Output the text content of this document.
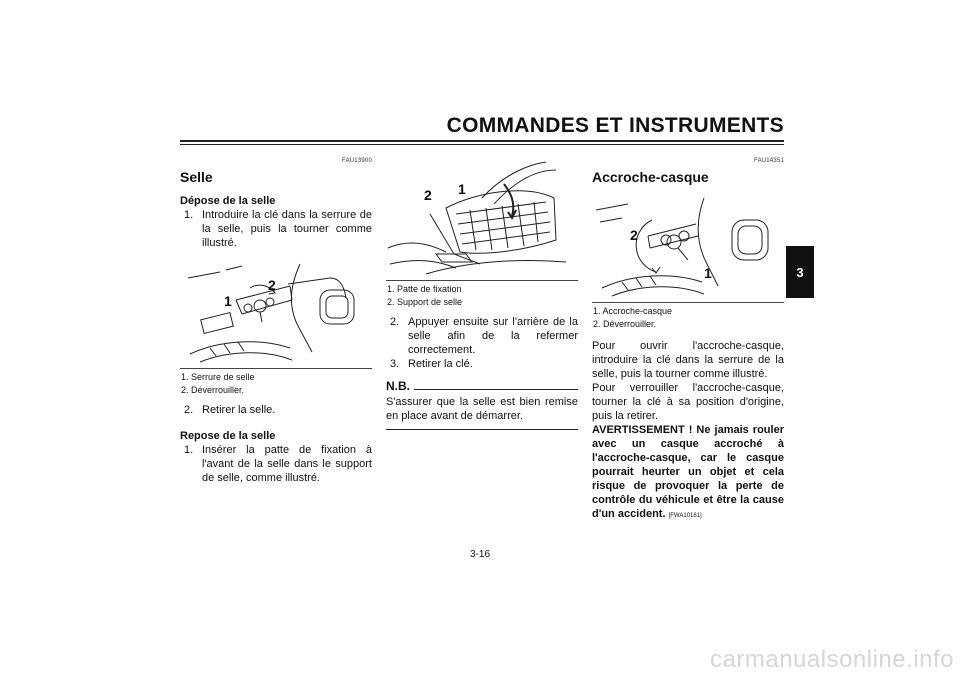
COMMANDES ET INSTRUMENTS
3
FAU13900
Selle
Dépose de la selle
1. Introduire la clé dans la serrure de la selle, puis la tourner comme illustré.
1
2
1. Serrure de selle
2. Déverrouiller.
2. Retirer la selle.
Repose de la selle
1. Insérer la patte de fixation à l'avant de la selle dans le support de selle, comme illustré.
2 1
1. Patte de fixation
2. Support de selle
2. Appuyer ensuite sur l'arrière de la selle afin de la refermer correctement.
3. Retirer la clé.
N.B.

S'assurer que la selle est bien remise en place avant de démarrer.

FAU14351
Accroche-casque
2
1
1. Accroche-casque
2. Déverrouiller.

Pour ouvrir l'accroche-casque, introduire la clé dans la serrure de la selle, puis la tourner comme illustré.

Pour verrouiller l'accroche-casque, tourner la clé à sa position d'origine, puis la retirer.

AVERTISSEMENT ! Ne jamais rouler avec un casque accroché à l'accroche-casque, car le casque pourrait heurter un objet et cela risque de provoquer la perte de contrôle du véhicule et être la cause d'un accident. [FWA10161]

3-16
carmanualsonline.info
